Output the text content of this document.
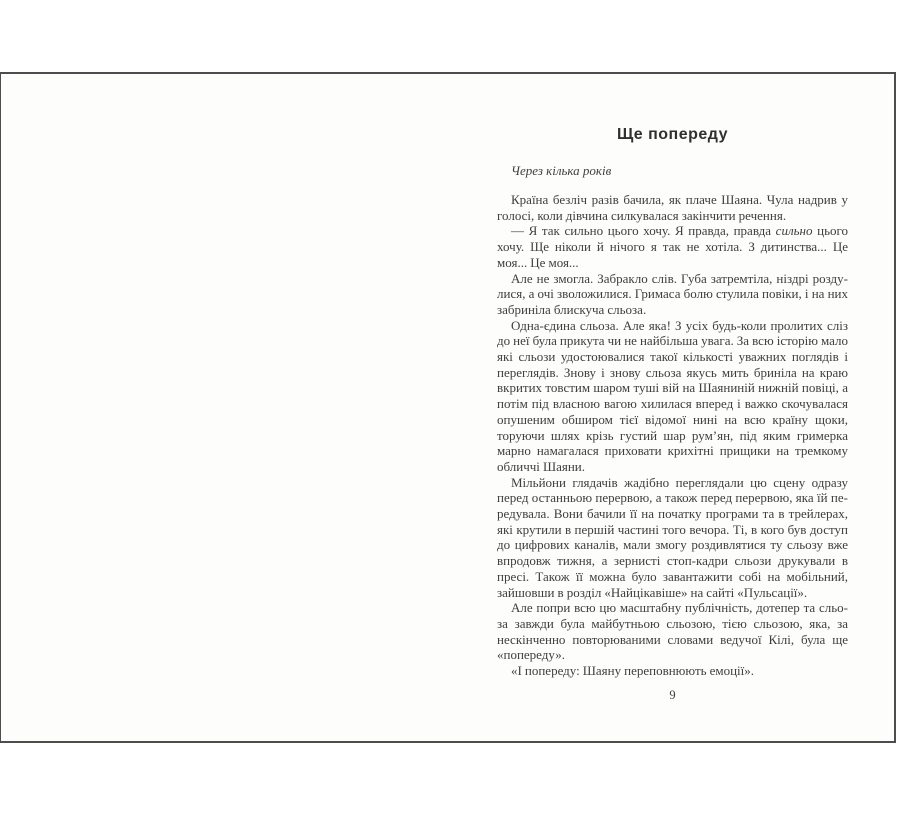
Ще попереду
Через кілька років

Країна безліч разів бачила, як плаче Шаяна. Чула надрив у голосі, коли дівчина силкувалася закінчити речення.

— Я так сильно цього хочу. Я правда, правда сильно цього хочу. Ще ніколи й нічого я так не хотіла. З дитинства... Це моя... Це моя...

Але не змогла. Забракло слів. Губа затремтіла, ніздрі роздулися, а очі зволожилися. Гримаса болю стулила повіки, і на них забриніла блискуча сльоза.

Одна-єдина сльоза. Але яка! З усіх будь-коли пролитих сліз до неї була прикута чи не найбільша увага. За всю історію мало які сльози удостоювалися такої кількості уважних поглядів і переглядів. Знову і знову сльоза якусь мить бриніла на краю вкритих товстим шаром туші вій на Шаяниній нижній повіці, а потім під власною вагою хилилася вперед і важко скочувалася опушеним обширом тієї відомої нині на всю країну щоки, торуючи шлях крізь густий шар рум’ян, під яким гримерка марно намагалася приховати крихітні прищики на тремкому обличчі Шаяни.

Мільйони глядачів жадібно переглядали цю сцену одразу перед останньою перервою, а також перед перервою, яка їй передувала. Вони бачили її на початку програми та в трейлерах, які крутили в першій частині того вечора. Ті, в кого був доступ до цифрових каналів, мали змогу роздивлятися ту сльозу вже впродовж тижня, а зернисті стоп-кадри сльози друкували в пресі. Також її можна було завантажити собі на мобільний, зайшовши в розділ «Найцікавіше» на сайті «Пульсації».

Але попри всю цю масштабну публічність, дотепер та сльоза завжди була майбутньою сльозою, тією сльозою, яка, за нескінченно повторюваними словами ведучої Кілі, була ще «попереду».

«І попереду: Шаяну переповнюють емоції».

9
